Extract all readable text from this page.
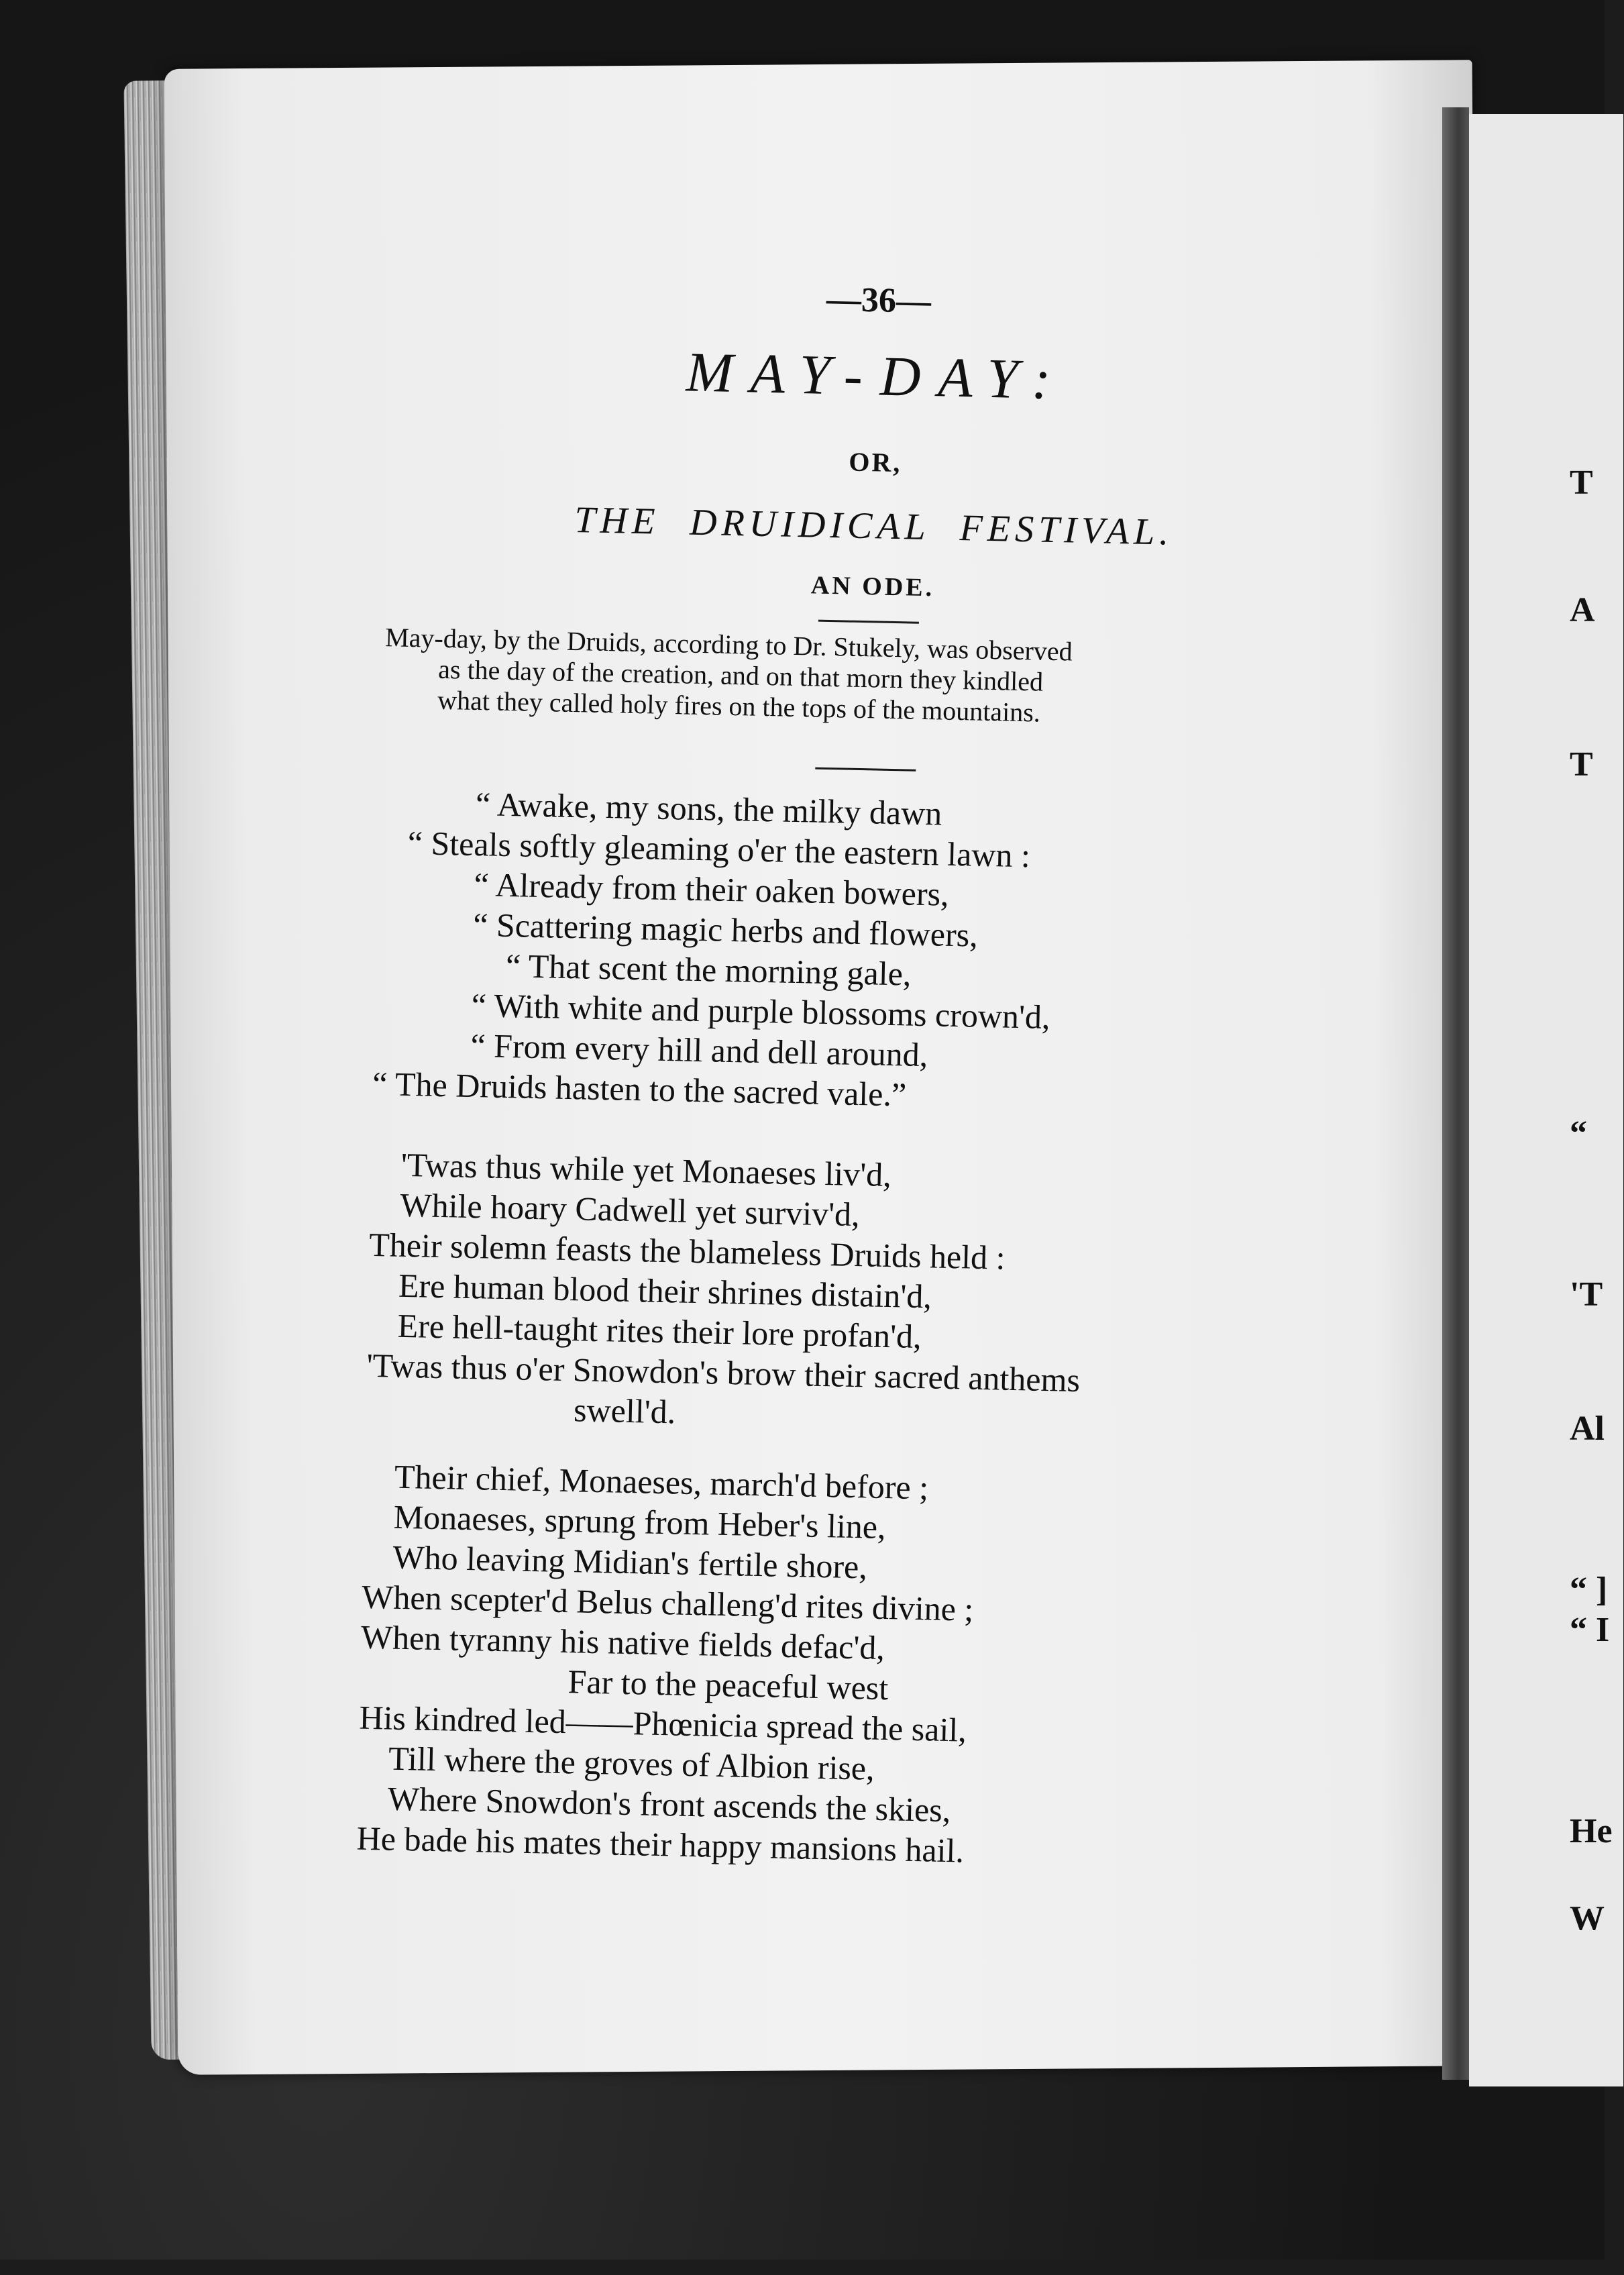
T
A
T
“
'T
Al
“ ]
“ I
He
W
—36—
MAY-DAY:
OR,
THE DRUIDICAL FESTIVAL.
AN ODE.
May-day, by the Druids, according to Dr. Stukely, was observed
as the day of the creation, and on that morn they kindled
what they called holy fires on the tops of the mountains.
“ Awake, my sons, the milky dawn
“ Steals softly gleaming o'er the eastern lawn :
“ Already from their oaken bowers,
“ Scattering magic herbs and flowers,
“ That scent the morning gale,
“ With white and purple blossoms crown'd,
“ From every hill and dell around,
“ The Druids hasten to the sacred vale.”
'Twas thus while yet Monaeses liv'd,
While hoary Cadwell yet surviv'd,
Their solemn feasts the blameless Druids held :
Ere human blood their shrines distain'd,
Ere hell-taught rites their lore profan'd,
'Twas thus o'er Snowdon's brow their sacred anthems
swell'd.
Their chief, Monaeses, march'd before ;
Monaeses, sprung from Heber's line,
Who leaving Midian's fertile shore,
When scepter'd Belus challeng'd rites divine ;
When tyranny his native fields defac'd,
Far to the peaceful west
His kindred led——Phœnicia spread the sail,
Till where the groves of Albion rise,
Where Snowdon's front ascends the skies,
He bade his mates their happy mansions hail.
